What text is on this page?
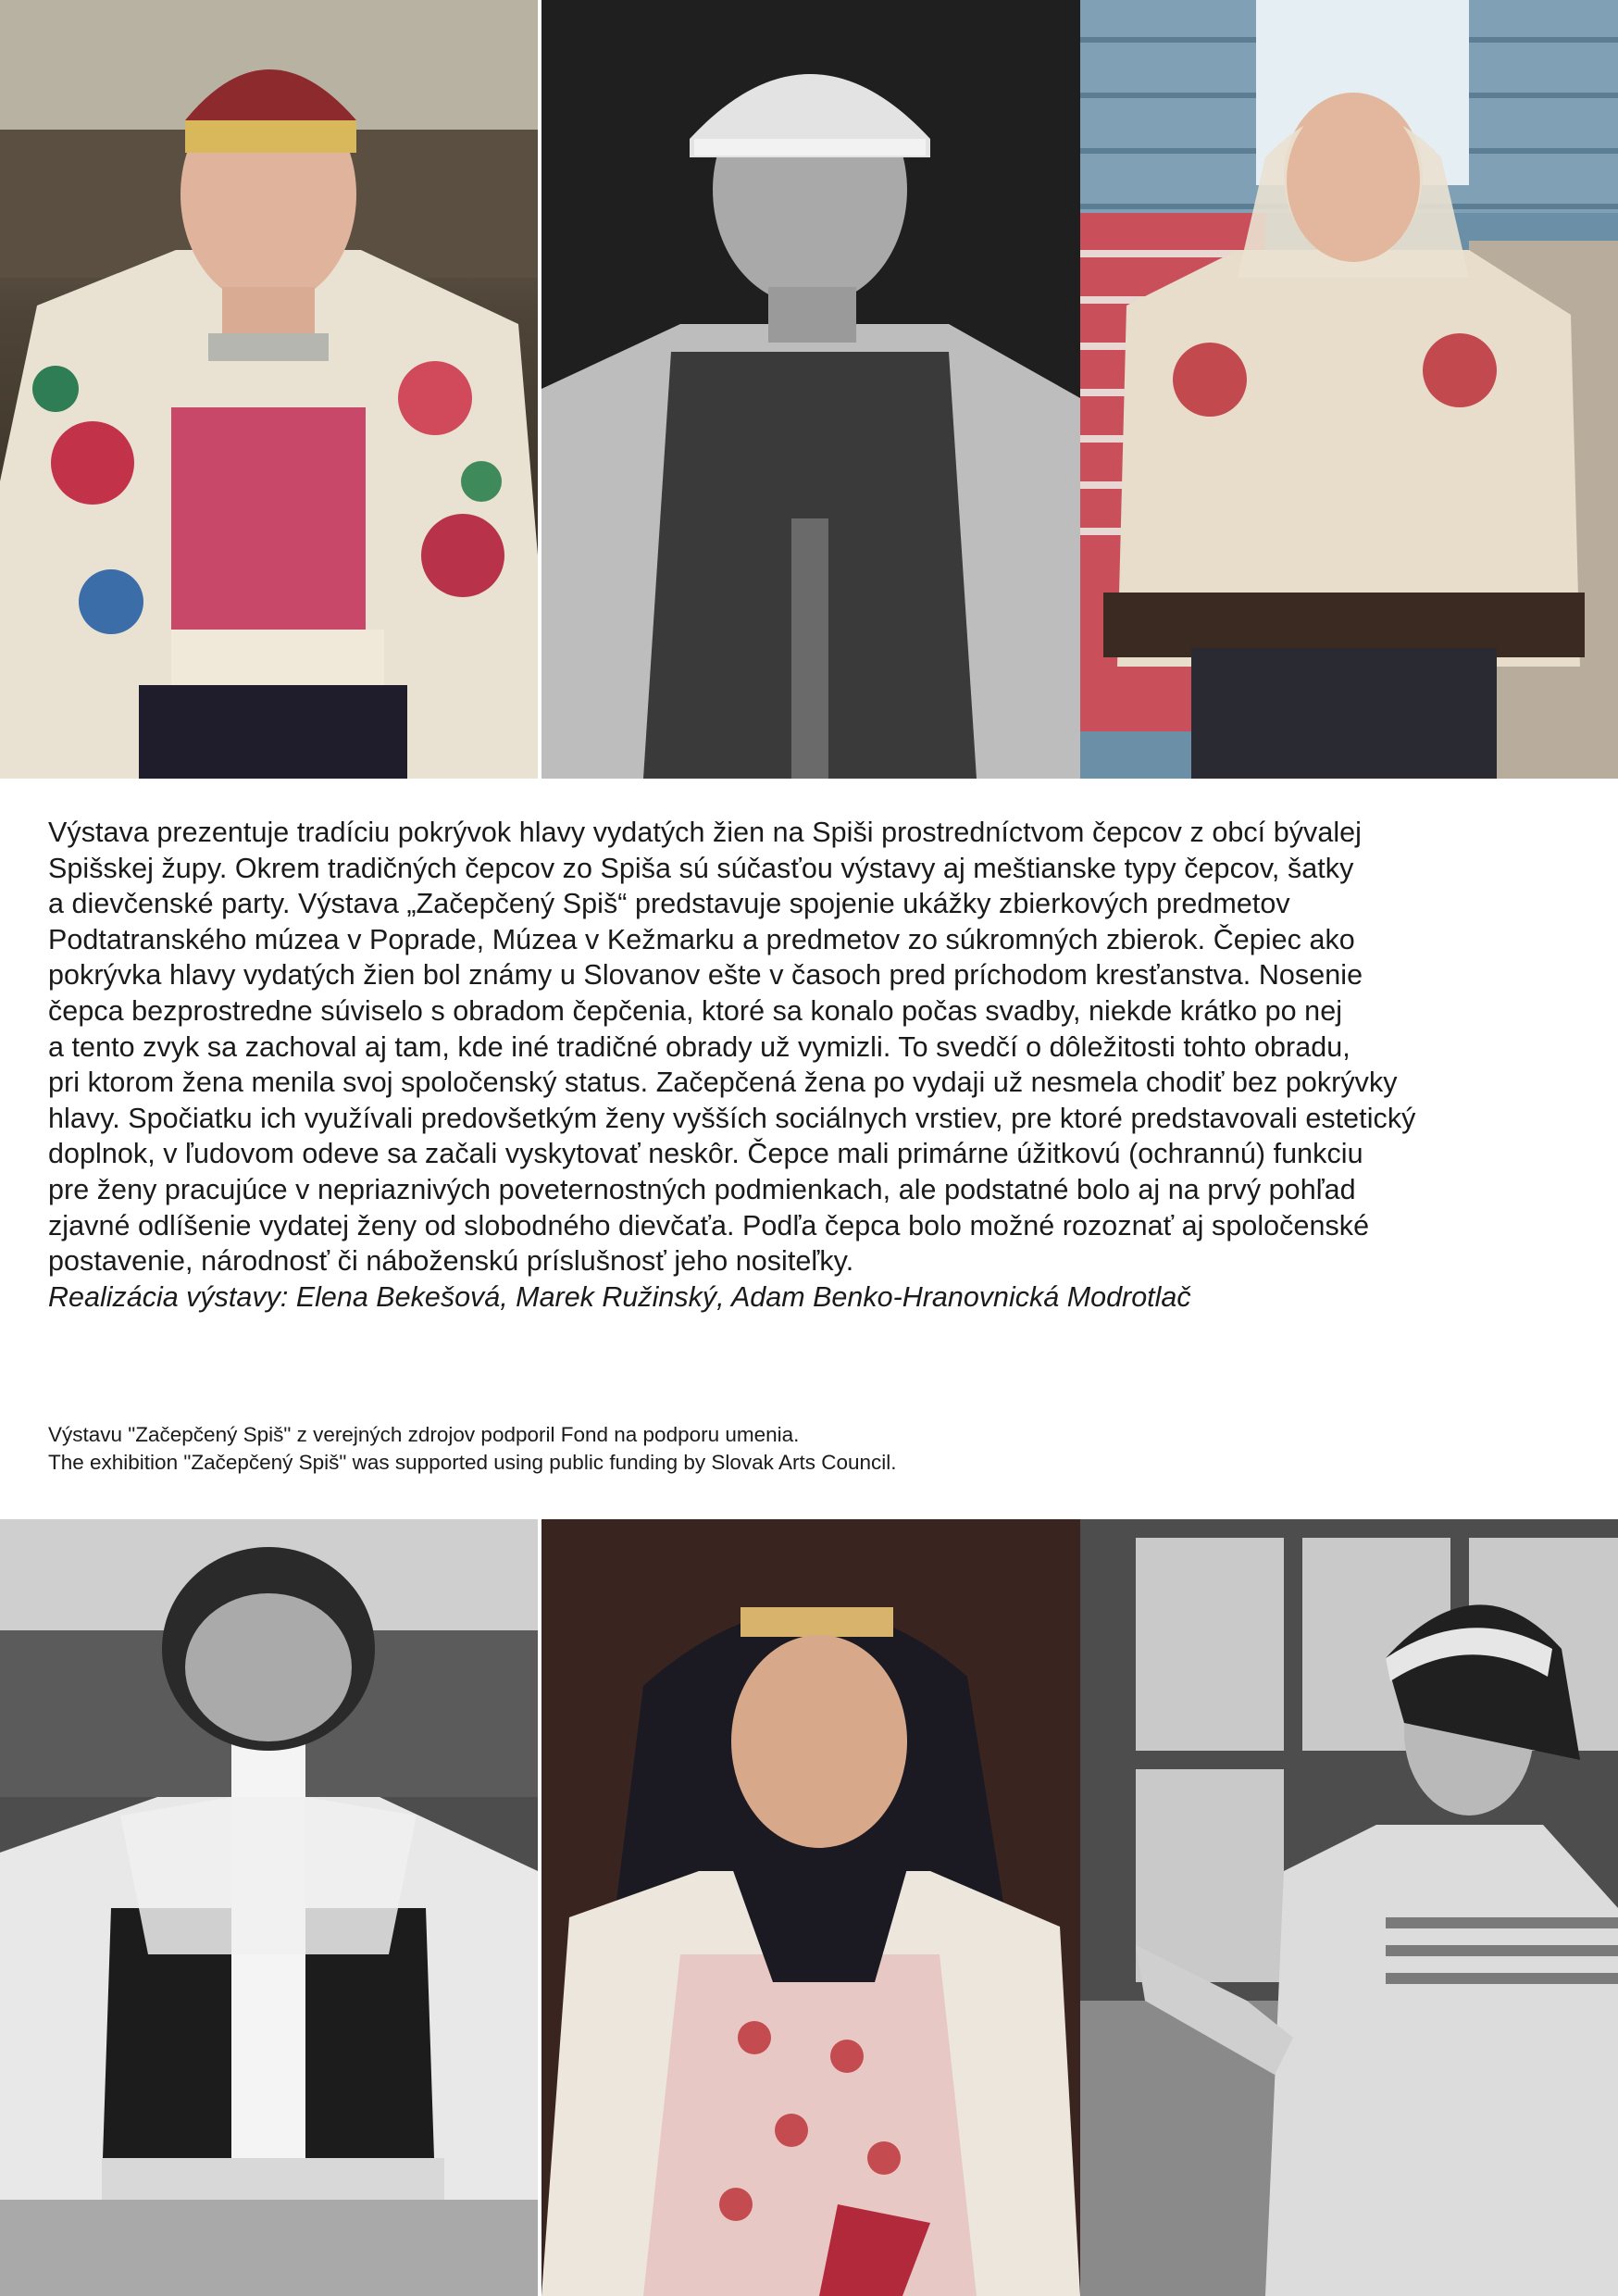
Výstava prezentuje tradíciu pokrývok hlavy vydatých žien na Spiši prostredníctvom čepcov z obcí bývalej
Spišskej župy. Okrem tradičných čepcov zo Spiša sú súčasťou výstavy aj meštianske typy čepcov, šatky
a dievčenské party. Výstava „Začepčený Spiš“ predstavuje spojenie ukážky zbierkových predmetov
Podtatranského múzea v Poprade, Múzea v Kežmarku a predmetov zo súkromných zbierok. Čepiec ako
pokrývka hlavy vydatých žien bol známy u Slovanov ešte v časoch pred príchodom kresťanstva. Nosenie
čepca bezprostredne súviselo s obradom čepčenia, ktoré sa konalo počas svadby, niekde krátko po nej
a tento zvyk sa zachoval aj tam, kde iné tradičné obrady už vymizli. To svedčí o dôležitosti tohto obradu,
pri ktorom žena menila svoj spoločenský status. Začepčená žena po vydaji už nesmela chodiť bez pokrývky
hlavy. Spočiatku ich využívali predovšetkým ženy vyšších sociálnych vrstiev, pre ktoré predstavovali estetický
doplnok, v ľudovom odeve sa začali vyskytovať neskôr. Čepce mali primárne úžitkovú (ochrannú) funkciu
pre ženy pracujúce v nepriaznivých poveternostných podmienkach, ale podstatné bolo aj na prvý pohľad
zjavné odlíšenie vydatej ženy od slobodného dievčaťa. Podľa čepca bolo možné rozoznať aj spoločenské
postavenie, národnosť či náboženskú príslušnosť jeho nositeľky.

Realizácia výstavy: Elena Bekešová, Marek Ružinský, Adam Benko-Hranovnická Modrotlač

Výstavu "Začepčený Spiš" z verejných zdrojov podporil Fond na podporu umenia.
The exhibition "Začepčený Spiš" was supported using public funding by Slovak Arts Council.
